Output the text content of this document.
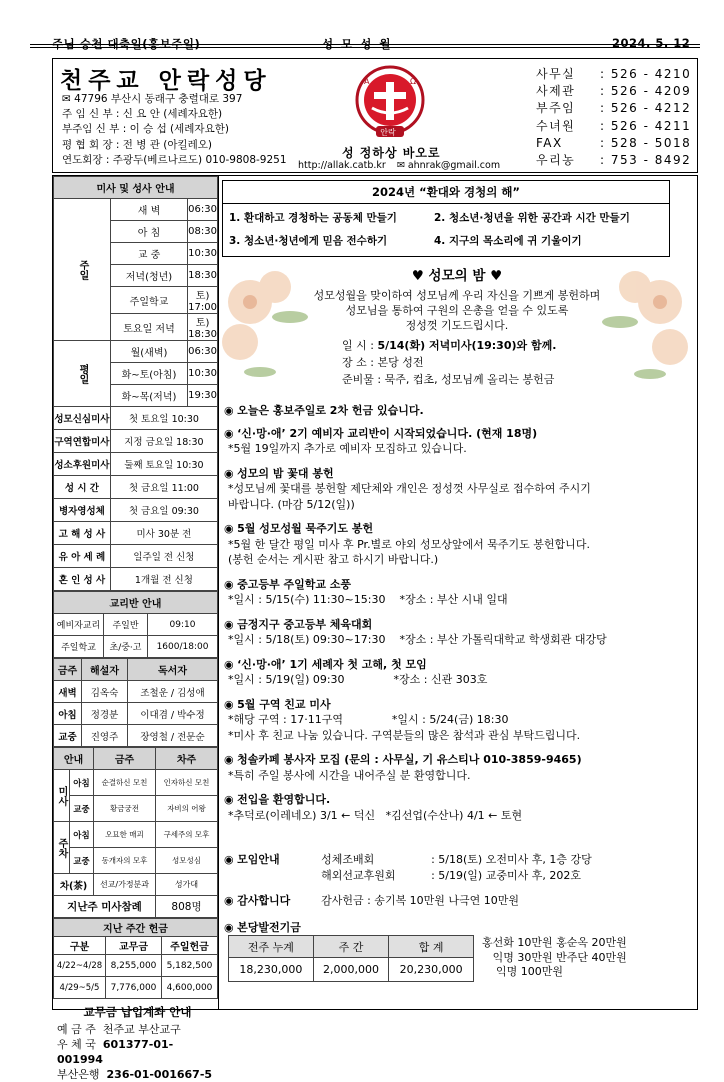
주님 승천 대축일(홍보주일)	성 모 성 월	2024. 5. 12
천주교 안락성당
✉ 47796 부산시 동래구 충렬대로 397
주 임 신 부 : 신 요 안 (세례자요한)
부주임 신 부 : 이 승 섭 (세례자요한)
평 협 회 장 : 전 병 관 (아킬레오)
연도회장 : 주광두(베르나르도) 010-9808-9251
A	Ω
안락
성 정하상 바오로
http://allak.catb.kr ✉ ahnrak@gmail.com
사무실 : 526 - 4210
사제관 : 526 - 4209
부주임 : 526 - 4212
수녀원 : 526 - 4211
FAX	: 528 - 5018
우리농 : 753 - 8492
미사 및 성사 안내		
주일	새 벽	06:30
	아 침	08:30
	교 중	10:30
	저녁(청년)	18:30
	주일학교	토) 17:00
	토요일 저녁	토) 18:30
평일	월(새벽)	06:30
	화~토(아침)	10:30
	화~목(저녁)	19:30
성모신심미사	첫 토요일 10:30	
구역연합미사	지정 금요일 18:30	
성소후원미사	둘째 토요일 10:30	
성 시 간	첫 금요일 11:00	
병자영성체	첫 금요일 09:30	
고 해 성 사	미사 30분 전	
유 아 세 례	일주일 전 신청	
혼 인 성 사	1개월 전 신청	
교리반 안내		
예비자교리	주일반	09:10
주일학교	초/중·고	1600/18:00
금주	해설자	독서자
새벽	김옥숙	조철운 / 김성애
아침	정경분	이대겸 / 박수정
교중	진영주	장영철 / 전문순
안내		금주	차주
미사	아침	순결하신 모친	인자하신 모친
	교중	황금궁전	자비의 어왕
주차	아침	오묘한 매괴	구세주의 모후
	교중	동개자의 모후	성모성심
차(茶)		선교/가정분과	성가대
지난주 미사참례			808명
지난 주간 헌금		
구분	교무금	주일헌금
4/22~4/28	8,255,000	5,182,500
4/29~5/5	7,776,000	4,600,000
교무금 납입계좌 안내
예 금 주 천주교 부산교구
우 체 국 601377-01-001994
부산은행 236-01-001667-5
2024년 “환대와 경청의 해”
1. 환대하고 경청하는 공동체 만들기	2. 청소년·청년을 위한 공간과 시간 만들기
3. 청소년·청년에게 믿음 전수하기	4. 지구의 목소리에 귀 기울이기
♥ 성모의 밤 ♥
성모성월을 맞이하여 성모님께 우리 자신을 기쁘게 봉헌하며
성모님을 통하여 구원의 은총을 얻을 수 있도록
정성껏 기도드립시다.
일 시 : 5/14(화) 저녁미사(19:30)와 함께.
장 소 : 본당 성전
준비물 : 묵주, 컵초, 성모님께 올리는 봉헌금
◉ 오늘은 홍보주일로 2차 헌금 있습니다.
◉ ‘신·망·애’ 2기 예비자 교리반이 시작되었습니다. (현재 18명)
*5월 19일까지 추가로 예비자 모집하고 있습니다.
◉ 성모의 밤 꽃대 봉헌
*성모님께 꽃대를 봉헌할 제단체와 개인은 정성껏 사무실로 접수하여 주시기
바랍니다. (마감 5/12(일))
◉ 5월 성모성월 묵주기도 봉헌
*5월 한 달간 평일 미사 후 Pr.별로 야외 성모상앞에서 묵주기도 봉헌합니다.
(봉헌 순서는 게시판 참고 하시기 바랍니다.)
◉ 중고등부 주일학교 소풍
*일시 : 5/15(수) 11:30~15:30    *장소 : 부산 시내 일대
◉ 금정지구 중고등부 체육대회
*일시 : 5/18(토) 09:30~17:30    *장소 : 부산 가톨릭대학교 학생회관 대강당
◉ ‘신·망·애’ 1기 세례자 첫 고해, 첫 모임
*일시 : 5/19(일) 09:30              *장소 : 신관 303호
◉ 5월 구역 친교 미사
*해당 구역 : 17·11구역              *일시 : 5/24(금) 18:30
*미사 후 친교 나눔 있습니다. 구역분들의 많은 참석과 관심 부탁드립니다.
◉ 청솔카페 봉사자 모집 (문의 : 사무실, 기 유스티나 010-3859-9465)
*특히 주일 봉사에 시간을 내어주실 분 환영합니다.
◉ 전입을 환영합니다.
*추덕로(이레네오) 3/1 ← 덕신   *김선업(수산나) 4/1 ← 토현
◉
모임안내	성체조배회	: 5/18(토) 오전미사 후, 1층 강당
해외선교후원회	: 5/19(일) 교중미사 후, 202호
◉ 감사합니다	감사헌금 : 송기복 10만원 나극연 10만원
◉ 본당발전기금
전주 누계	주 간	합 계
18,230,000	2,000,000	20,230,000
홍선화 10만원 홍순옥 20만원
익명 30만원 반주단 40만원
익명 100만원
